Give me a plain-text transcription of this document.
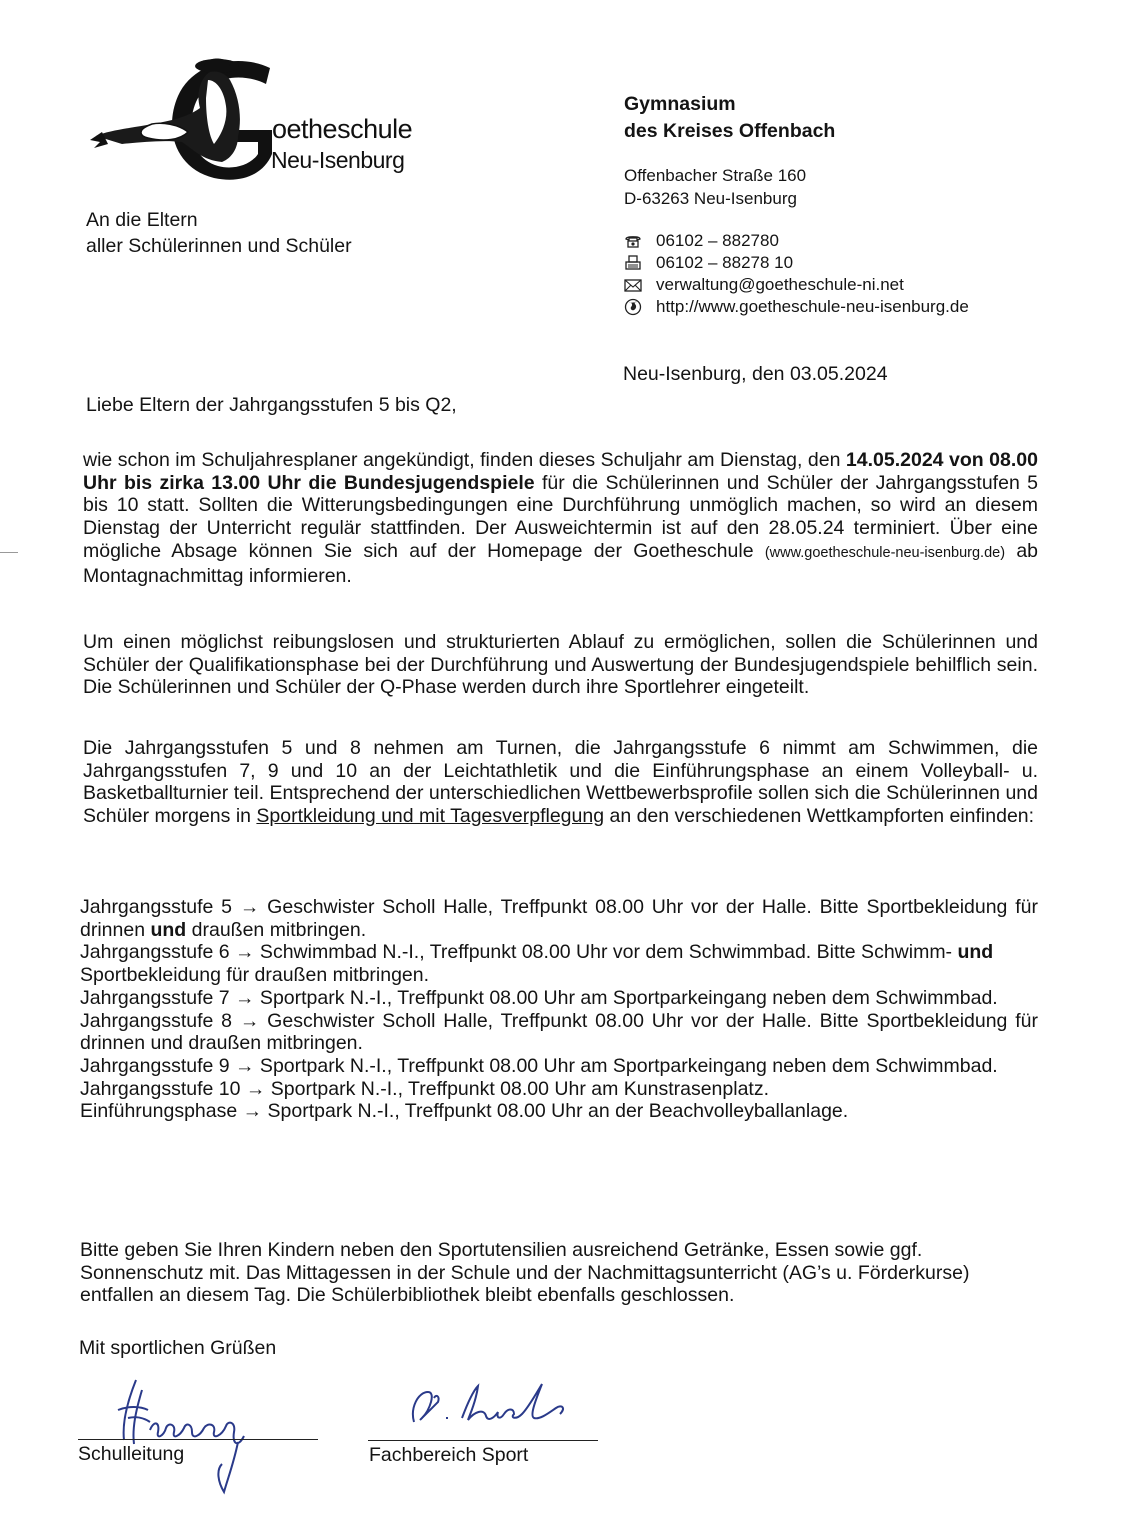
oetheschule
Neu-Isenburg
An die Eltern
aller Schülerinnen und Schüler
Gymnasium
des Kreises Offenbach
Offenbacher Straße 160
D-63263 Neu-Isenburg
06102 – 882780
06102 – 88278 10
verwaltung@goetheschule-ni.net
http://www.goetheschule-neu-isenburg.de
Neu-Isenburg, den 03.05.2024
Liebe Eltern der Jahrgangsstufen 5 bis Q2,

wie schon im Schuljahresplaner angekündigt, finden dieses Schuljahr am Dienstag, den 14.05.2024 von 08.00 Uhr bis zirka 13.00 Uhr die Bundesjugendspiele für die Schülerinnen und Schüler der Jahrgangsstufen 5 bis 10 statt. Sollten die Witterungsbedingungen eine Durchführung unmöglich machen, so wird an diesem Dienstag der Unterricht regulär stattfinden. Der Ausweichtermin ist auf den 28.05.24 terminiert. Über eine mögliche Absage können Sie sich auf der Homepage der Goetheschule (www.goetheschule-neu-isenburg.de) ab Montagnachmittag informieren.

Um einen möglichst reibungslosen und strukturierten Ablauf zu ermöglichen, sollen die Schülerinnen und Schüler der Qualifikationsphase bei der Durchführung und Auswertung der Bundesjugendspiele behilflich sein. Die Schülerinnen und Schüler der Q-Phase werden durch ihre Sportlehrer eingeteilt.

Die Jahrgangsstufen 5 und 8 nehmen am Turnen, die Jahrgangsstufe 6 nimmt am Schwimmen, die Jahrgangsstufen 7, 9 und 10 an der Leichtathletik und die Einführungsphase an einem Volleyball- u. Basketballturnier teil. Entsprechend der unterschiedlichen Wettbewerbsprofile sollen sich die Schülerinnen und Schüler morgens in Sportkleidung und mit Tagesverpflegung an den verschiedenen Wettkampforten einfinden:

Jahrgangsstufe 5 → Geschwister Scholl Halle, Treffpunkt 08.00 Uhr vor der Halle. Bitte Sportbekleidung für drinnen und draußen mitbringen.

Jahrgangsstufe 6 → Schwimmbad N.-I., Treffpunkt 08.00 Uhr vor dem Schwimmbad. Bitte Schwimm- und Sportbekleidung für draußen mitbringen.

Jahrgangsstufe 7 → Sportpark N.-I., Treffpunkt 08.00 Uhr am Sportparkeingang neben dem Schwimmbad.

Jahrgangsstufe 8 → Geschwister Scholl Halle, Treffpunkt 08.00 Uhr vor der Halle. Bitte Sportbekleidung für drinnen und draußen mitbringen.

Jahrgangsstufe 9 → Sportpark N.-I., Treffpunkt 08.00 Uhr am Sportparkeingang neben dem Schwimmbad.

Jahrgangsstufe 10 → Sportpark N.-I., Treffpunkt 08.00 Uhr am Kunstrasenplatz.

Einführungsphase → Sportpark N.-I., Treffpunkt 08.00 Uhr an der Beachvolleyballanlage.

Bitte geben Sie Ihren Kindern neben den Sportutensilien ausreichend Getränke, Essen sowie ggf. Sonnenschutz mit. Das Mittagessen in der Schule und der Nachmittagsunterricht (AG’s u. Förderkurse) entfallen an diesem Tag. Die Schülerbibliothek bleibt ebenfalls geschlossen.

Mit sportlichen Grüßen
Schulleitung	Fachbereich Sport
